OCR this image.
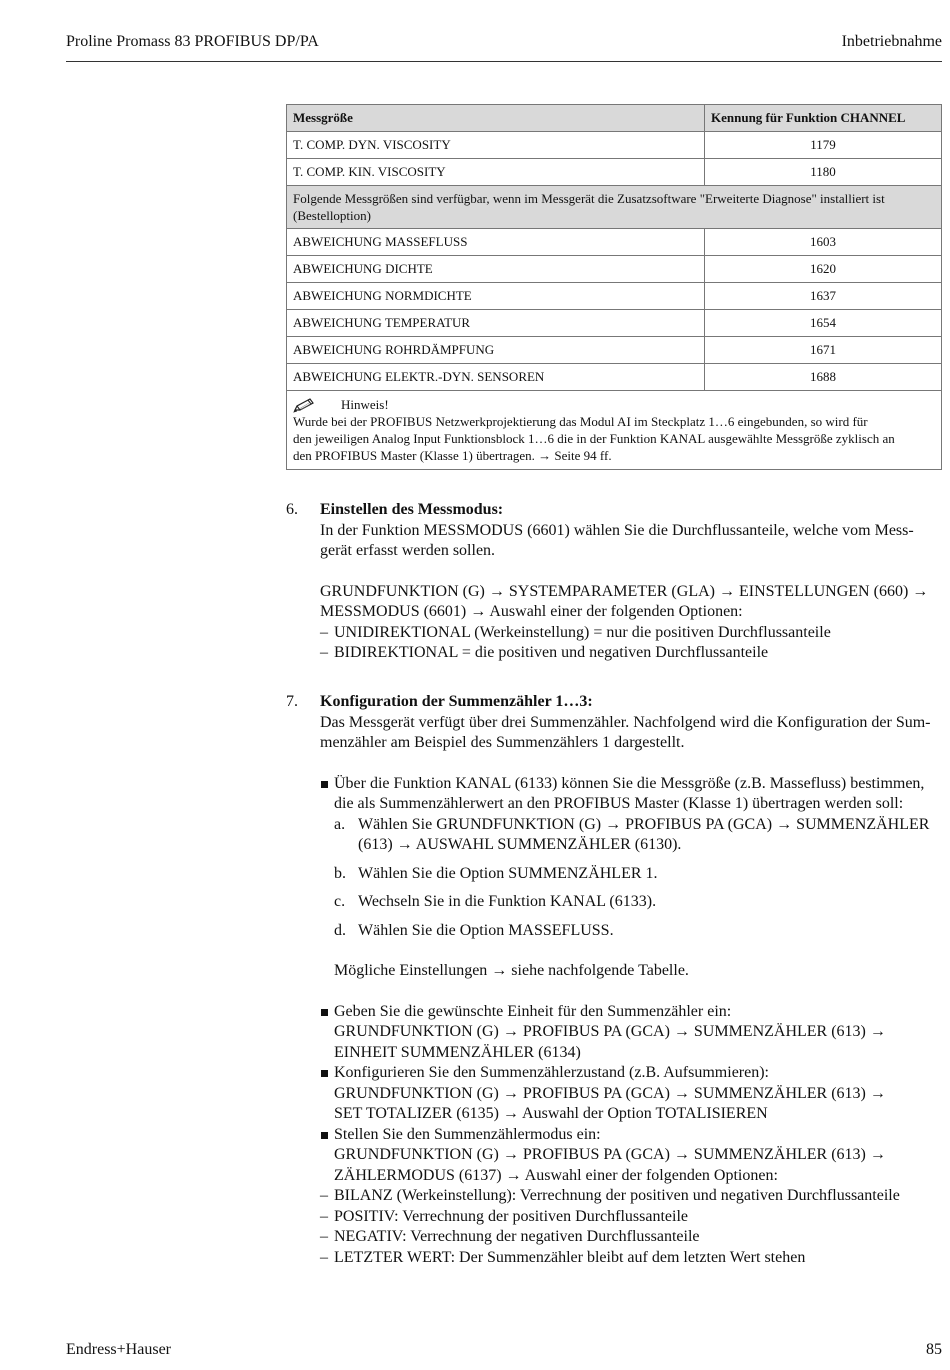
Proline Promass 83 PROFIBUS DP/PA	Inbetriebnahme
Messgröße	Kennung für Funktion CHANNEL
T. COMP. DYN. VISCOSITY	1179
T. COMP. KIN. VISCOSITY	1180
Folgende Messgrößen sind verfügbar, wenn im Messgerät die Zusatzsoftware "Erweiterte Diagnose" installiert ist (Bestelloption)	
ABWEICHUNG MASSEFLUSS	1603
ABWEICHUNG DICHTE	1620
ABWEICHUNG NORMDICHTE	1637
ABWEICHUNG TEMPERATUR	1654
ABWEICHUNG ROHRDÄMPFUNG	1671
ABWEICHUNG ELEKTR.-DYN. SENSOREN	1688

Hinweis!
Wurde bei der PROFIBUS Netzwerkprojektierung das Modul AI im Steckplatz 1…6 eingebunden, so wird für
den jeweiligen Analog Input Funktionsblock 1…6 die in der Funktion KANAL ausgewählte Messgröße zyklisch an
den PROFIBUS Master (Klasse 1) übertragen. → Seite 94 ff.	
6. Einstellen des Messmodus:
In der Funktion MESSMODUS (6601) wählen Sie die Durchflussanteile, welche vom Mess-
gerät erfasst werden sollen.
GRUNDFUNKTION (G) → SYSTEMPARAMETER (GLA) → EINSTELLUNGEN (660) →
MESSMODUS (6601) → Auswahl einer der folgenden Optionen:
– UNIDIREKTIONAL (Werkeinstellung) = nur die positiven Durchflussanteile
– BIDIREKTIONAL = die positiven und negativen Durchflussanteile
7. Konfiguration der Summenzähler 1…3:
Das Messgerät verfügt über drei Summenzähler. Nachfolgend wird die Konfiguration der Sum-
menzähler am Beispiel des Summenzählers 1 dargestellt.
Über die Funktion KANAL (6133) können Sie die Messgröße (z.B. Massefluss) bestimmen,
die als Summenzählerwert an den PROFIBUS Master (Klasse 1) übertragen werden soll:
a. Wählen Sie GRUNDFUNKTION (G) → PROFIBUS PA (GCA) → SUMMENZÄHLER
(613) → AUSWAHL SUMMENZÄHLER (6130).
b. Wählen Sie die Option SUMMENZÄHLER 1.
c. Wechseln Sie in die Funktion KANAL (6133).
d. Wählen Sie die Option MASSEFLUSS.
Mögliche Einstellungen → siehe nachfolgende Tabelle.
Geben Sie die gewünschte Einheit für den Summenzähler ein:
GRUNDFUNKTION (G) → PROFIBUS PA (GCA) → SUMMENZÄHLER (613) →
EINHEIT SUMMENZÄHLER (6134)
Konfigurieren Sie den Summenzählerzustand (z.B. Aufsummieren):
GRUNDFUNKTION (G) → PROFIBUS PA (GCA) → SUMMENZÄHLER (613) →
SET TOTALIZER (6135) → Auswahl der Option TOTALISIEREN
Stellen Sie den Summenzählermodus ein:
GRUNDFUNKTION (G) → PROFIBUS PA (GCA) → SUMMENZÄHLER (613) →
ZÄHLERMODUS (6137) → Auswahl einer der folgenden Optionen:
– BILANZ (Werkeinstellung): Verrechnung der positiven und negativen Durchflussanteile
– POSITIV: Verrechnung der positiven Durchflussanteile
– NEGATIV: Verrechnung der negativen Durchflussanteile
– LETZTER WERT: Der Summenzähler bleibt auf dem letzten Wert stehen
Endress+Hauser	85
